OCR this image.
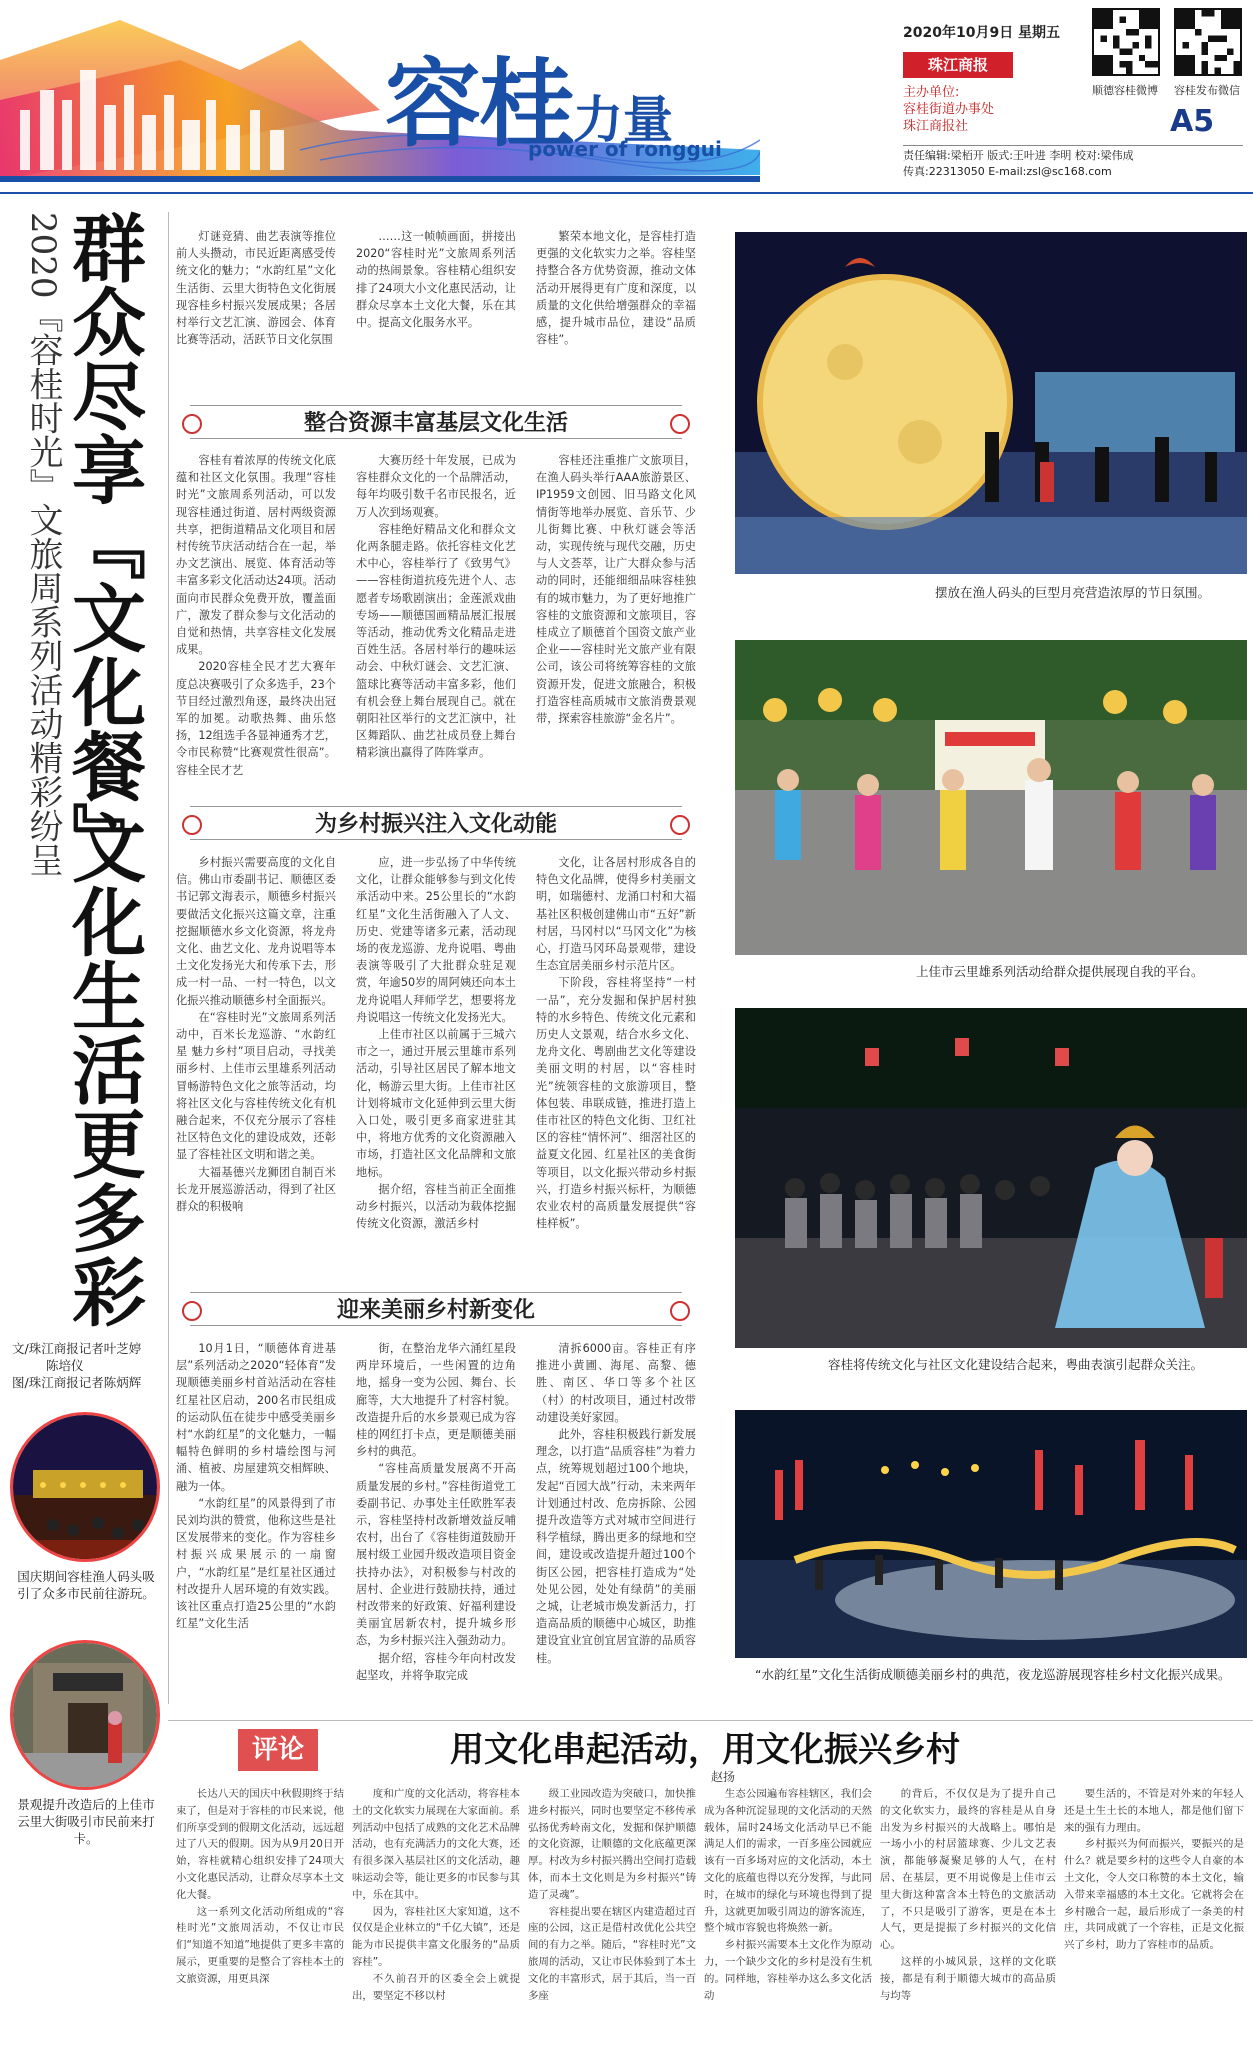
容桂力量
power of ronggui
2020年10月9日 星期五
珠江商报
主办单位:
容桂街道办事处
珠江商报社
顺德容桂微博 容桂发布微信
A5
责任编辑:梁栢开 版式:王叶进 李明 校对:梁伟成
传真:22313050 E-mail:zsl@sc168.com
2020『容桂时光』文旅周系列活动精彩纷呈
群众尽享『文化餐』
文化生活更多彩
文/珠江商报记者叶芝婷
陈培仪
图/珠江商报记者陈炳辉
国庆期间容桂渔人码头吸引了众多市民前往游玩。
景观提升改造后的上佳市云里大街吸引市民前来打卡。

灯谜竞猜、曲艺表演等推位前人头攒动，市民近距离感受传统文化的魅力；“水韵红星”文化生活街、云里大街特色文化街展现容桂乡村振兴发展成果；各居村举行文艺汇演、游园会、体育比赛等活动，活跃节日文化氛围

……这一帧帧画面，拼接出2020“容桂时光”文旅周系列活动的热闹景象。容桂精心组织安排了24项大小文化惠民活动，让群众尽享本土文化大餐，乐在其中。提高文化服务水平。

繁荣本地文化，是容桂打造更强的文化软实力之举。容桂坚持整合各方优势资源，推动文体活动开展得更有广度和深度，以质量的文化供给增强群众的幸福感，提升城市品位，建设“品质容桂”。

整合资源丰富基层文化生活

容桂有着浓厚的传统文化底蕴和社区文化氛围。我理“容桂时光”文旅周系列活动，可以发现容桂通过街道、居村两级资源共享，把街道精品文化项目和居村传统节庆活动结合在一起，举办文艺演出、展览、体育活动等丰富多彩文化活动达24项。活动面向市民群众免费开放，覆盖面广，激发了群众参与文化活动的自觉和热情，共享容桂文化发展成果。

2020容桂全民才艺大赛年度总决赛吸引了众多选手，23个节目经过激烈角逐，最终决出冠军的加冕。动歌热舞、曲乐悠扬，12组选手各显神通秀才艺，令市民称赞“比赛观赏性很高”。容桂全民才艺

大赛历经十年发展，已成为容桂群众文化的一个品牌活动，每年均吸引数千名市民报名，近万人次到场观赛。

容桂绝好精品文化和群众文化两条腿走路。依托容桂文化艺术中心，容桂举行了《致男气》——容桂街道抗疫先进个人、志愿者专场歌剧演出；金莲派戏曲专场——顺德国画精品展汇报展等活动，推动优秀文化精品走进百姓生活。各居村举行的趣味运动会、中秋灯谜会、文艺汇演、篮球比赛等活动丰富多彩，他们有机会登上舞台展现自己。就在朝阳社区举行的文艺汇演中，社区舞蹈队、曲艺社成员登上舞台精彩演出赢得了阵阵掌声。

容桂还注重推广文旅项目，在渔人码头举行AAA旅游景区、IP1959文创园、旧马路文化风情街等地举办展览、音乐节、少儿街舞比赛、中秋灯谜会等活动，实现传统与现代交融，历史与人文荟萃，让广大群众参与活动的同时，还能细细品味容桂独有的城市魅力，为了更好地推广容桂的文旅资源和文旅项目，容桂成立了顺德首个国资文旅产业企业——容桂时光文旅产业有限公司，该公司将统筹容桂的文旅资源开发，促进文旅融合，积极打造容桂高质城市文旅消费景观带，探索容桂旅游“金名片”。

为乡村振兴注入文化动能

乡村振兴需要高度的文化自信。佛山市委副书记、顺德区委书记郭文海表示，顺德乡村振兴要做活文化振兴这篇文章，注重挖掘顺德水乡文化资源，将龙舟文化、曲艺文化、龙舟说唱等本土文化发扬光大和传承下去，形成一村一品、一村一特色，以文化振兴推动顺德乡村全面振兴。

在“容桂时光”文旅周系列活动中，百米长龙巡游、“水韵红星 魅力乡村”项目启动，寻找美丽乡村、上佳市云里雄系列活动冒畅游特色文化之旅等活动，均将社区文化与容桂传统文化有机融合起来，不仅充分展示了容桂社区特色文化的建设成效，还彰显了容桂社区文明和谐之美。

大福基德兴龙狮团自制百米长龙开展巡游活动，得到了社区群众的积极响

应，进一步弘扬了中华传统文化，让群众能够参与到文化传承活动中来。25公里长的“水韵红星”文化生活街融入了人文、历史、党建等诸多元素，活动现场的夜龙巡游、龙舟说唱、粤曲表演等吸引了大批群众驻足观赏，年逾50岁的周阿姨还向本土龙舟说唱人拜师学艺，想要将龙舟说唱这一传统文化发扬光大。

上佳市社区以前属于三城六市之一，通过开展云里雄市系列活动，引导社区居民了解本地文化，畅游云里大街。上佳市社区计划将城市文化延伸到云里大街入口处，吸引更多商家进驻其中，将地方优秀的文化资源融入市场，打造社区文化品牌和文旅地标。

据介绍，容桂当前正全面推动乡村振兴，以活动为载体挖掘传统文化资源，激活乡村

文化，让各居村形成各自的特色文化品牌，使得乡村美丽文明，如瑞德村、龙涌口村和大福基社区积极创建佛山市“五好”新村居，马冈村以“马冈文化”为核心，打造马冈环岛景观带，建设生态宜居美丽乡村示范片区。

下阶段，容桂将坚持“一村一品”，充分发掘和保护居村独特的水乡特色、传统文化元素和历史人文景观，结合水乡文化、龙舟文化、粤剧曲艺文化等建设美丽文明的村居，以“容桂时光”统领容桂的文旅游项目，整体包装、串联成链，推进打造上佳市社区的特色文化街、卫红社区的容桂“情怀河”、细滘社区的益夏文化园、红星社区的美食街等项目，以文化振兴带动乡村振兴，打造乡村振兴标杆，为顺德农业农村的高质量发展提供“容桂样板”。

迎来美丽乡村新变化

10月1日，“顺德体育进基层”系列活动之2020“轻体育”发现顺德美丽乡村首站活动在容桂红星社区启动，200名市民组成的运动队伍在徒步中感受美丽乡村“水韵红星”的文化魅力，一幅幅特色鲜明的乡村墙绘图与河涌、植被、房屋建筑交相辉映、融为一体。

“水韵红星”的风景得到了市民刘均洪的赞赏，他称这些是社区发展带来的变化。作为容桂乡村振兴成果展示的一扇窗户，“水韵红星”是红星社区通过村改提升人居环境的有效实践。该社区重点打造25公里的“水韵红星”文化生活

街，在整治龙华六涌红星段两岸环境后，一些闲置的边角地，摇身一变为公园、舞台、长廊等，大大地提升了村容村貌。改造提升后的水乡景观已成为容桂的网红打卡点，更是顺德美丽乡村的典范。

“容桂高质量发展离不开高质量发展的乡村。”容桂街道党工委副书记、办事处主任欧胜军表示，容桂坚持村改新增效益反哺农村，出台了《容桂街道鼓励开展村级工业园升级改造项目资金扶持办法》，对积极参与村改的居村、企业进行鼓励扶持，通过村改带来的好政策、好福利建设美丽宜居新农村，提升城乡形态，为乡村振兴注入强劲动力。

据介绍，容桂今年向村改发起坚攻，并将争取完成

清拆6000亩。容桂正有序推进小黄圃、海尾、高黎、德胜、南区、华口等多个社区（村）的村改项目，通过村改带动建设美好家园。

此外，容桂积极践行新发展理念，以打造“品质容桂”为着力点，统筹规划超过100个地块，发起“百园大战”行动，未来两年计划通过村改、危房拆除、公园提升改造等方式对城市空间进行科学植绿，腾出更多的绿地和空间，建设或改造提升超过100个街区公园，把容桂打造成为“处处见公园，处处有绿荫”的美丽之城，让老城市焕发新活力，打造高品质的顺德中心城区，助推建设宜业宜创宜居宜游的品质容桂。

摆放在渔人码头的巨型月亮营造浓厚的节日氛围。
上佳市云里雄系列活动给群众提供展现自我的平台。
容桂将传统文化与社区文化建设结合起来，粤曲表演引起群众关注。
“水韵红星”文化生活街成顺德美丽乡村的典范，夜龙巡游展现容桂乡村文化振兴成果。
评论	用文化串起活动，用文化振兴乡村
赵扬

长达八天的国庆中秋假期终于结束了，但是对于容桂的市民来说，他们所享受到的假期文化活动，远远超过了八天的假期。因为从9月20日开始，容桂就精心组织安排了24项大小文化惠民活动，让群众尽享本土文化大餐。

这一系列文化活动所组成的“容桂时光”文旅周活动，不仅让市民们“知道不知道”地提供了更多丰富的展示，更重要的是整合了容桂本土的文旅资源，用更具深

度和广度的文化活动，将容桂本土的文化软实力展现在大家面前。系列活动中包括了成熟的文化艺术品牌活动，也有充满活力的文化大赛，还有很多深入基层社区的文化活动，趣味运动会等，能让更多的市民参与其中，乐在其中。

因为，容桂社区大家知道，这不仅仅是企业林立的“千亿大镇”，还是能为市民提供丰富文化服务的“品质容桂”。

不久前召开的区委全会上就提出，要坚定不移以村

级工业园改造为突破口，加快推进乡村振兴，同时也要坚定不移传承弘扬优秀岭南文化，发掘和保护顺德的文化资源，让顺德的文化底蕴更深厚。村改为乡村振兴腾出空间打造载体，而本土文化则是为乡村振兴“铸造了灵魂”。

容桂提出要在辖区内建造超过百座的公园，这正是借村改优化公共空间的有力之举。随后，“容桂时光”文旅周的活动，又让市民体验到了本土文化的丰富形式，居于其后，当一百多座

生态公园遍布容桂辖区，我们会成为各种沉淀显现的文化活动的天然载体，届时24场文化活动早已不能满足人们的需求，一百多座公园就应该有一百多场对应的文化活动，本土文化的底蕴也得以充分发挥，与此同时，在城市的绿化与环境也得到了提升，这就更加吸引周边的游客流连，整个城市容貌也将焕然一新。

乡村振兴需要本土文化作为原动力，一个缺少文化的乡村是没有生机的。同样地，容桂举办这么多文化活动

的背后，不仅仅是为了提升自己的文化软实力，最终的容桂是从自身出发为乡村振兴的大战略上。哪怕是一场小小的村居篮球赛、少儿文艺表演，都能够凝聚足够的人气，在村居、在基层，更不用说像是上佳市云里大街这种富含本土特色的文旅活动了，不只是吸引了游客，更是在本土人气，更是提振了乡村振兴的文化信心。

这样的小城风景，这样的文化联接，都是有利于顺德大城市的高品质与均等

要生活的，不管是对外来的年轻人还是土生土长的本地人，都是他们留下来的强有力理由。

乡村振兴为何而振兴，要振兴的是什么？就是要乡村的这些令人自豪的本土文化，令人交口称赞的本土文化，输入带来幸福感的本土文化。它就将会在乡村融合一起，最后形成了一条美的村庄，共同成就了一个容桂，正是文化振兴了乡村，助力了容桂市的品质。
